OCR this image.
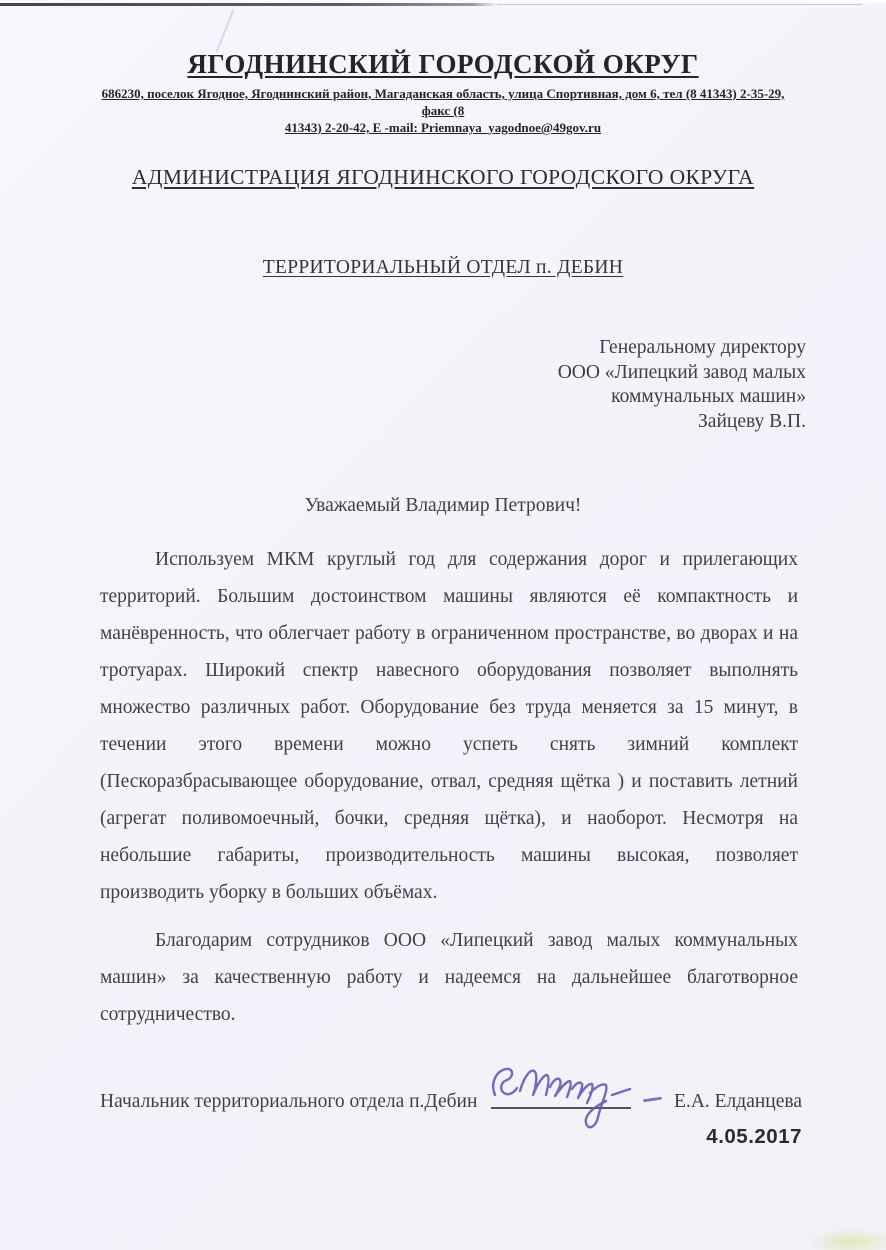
ЯГОДНИНСКИЙ ГОРОДСКОЙ ОКРУГ
686230, поселок Ягодное, Ягоднинский район, Магаданская область, улица Спортивная, дом 6, тел (8 41343) 2-35-29, факс (8
41343) 2-20-42, E -mail: Priemnaya_yagodnoe@49gov.ru
АДМИНИСТРАЦИЯ ЯГОДНИНСКОГО ГОРОДСКОГО ОКРУГА
ТЕРРИТОРИАЛЬНЫЙ ОТДЕЛ п. ДЕБИН
Генеральному директору
ООО «Липецкий завод малых
коммунальных машин»
Зайцеву В.П.
Уважаемый Владимир Петрович!

Используем МКМ круглый год для содержания дорог и прилегающих территорий. Большим достоинством машины являются её компактность и манёвренность, что облегчает работу в ограниченном пространстве, во дворах и на тротуарах. Широкий спектр навесного оборудования позволяет выполнять множество различных работ. Оборудование без труда меняется за 15 минут, в течении этого времени можно успеть снять зимний комплект (Пескоразбрасывающее оборудование, отвал, средняя щётка ) и поставить летний (агрегат поливомоечный, бочки, средняя щётка), и наоборот. Несмотря на небольшие габариты, производительность машины высокая, позволяет производить уборку в больших объёмах.

Благодарим сотрудников ООО «Липецкий завод малых коммунальных машин» за качественную работу и надеемся на дальнейшее благотворное сотрудничество.

Начальник территориального отдела п.Дебин	Е.А. Елданцева
4.05.2017
